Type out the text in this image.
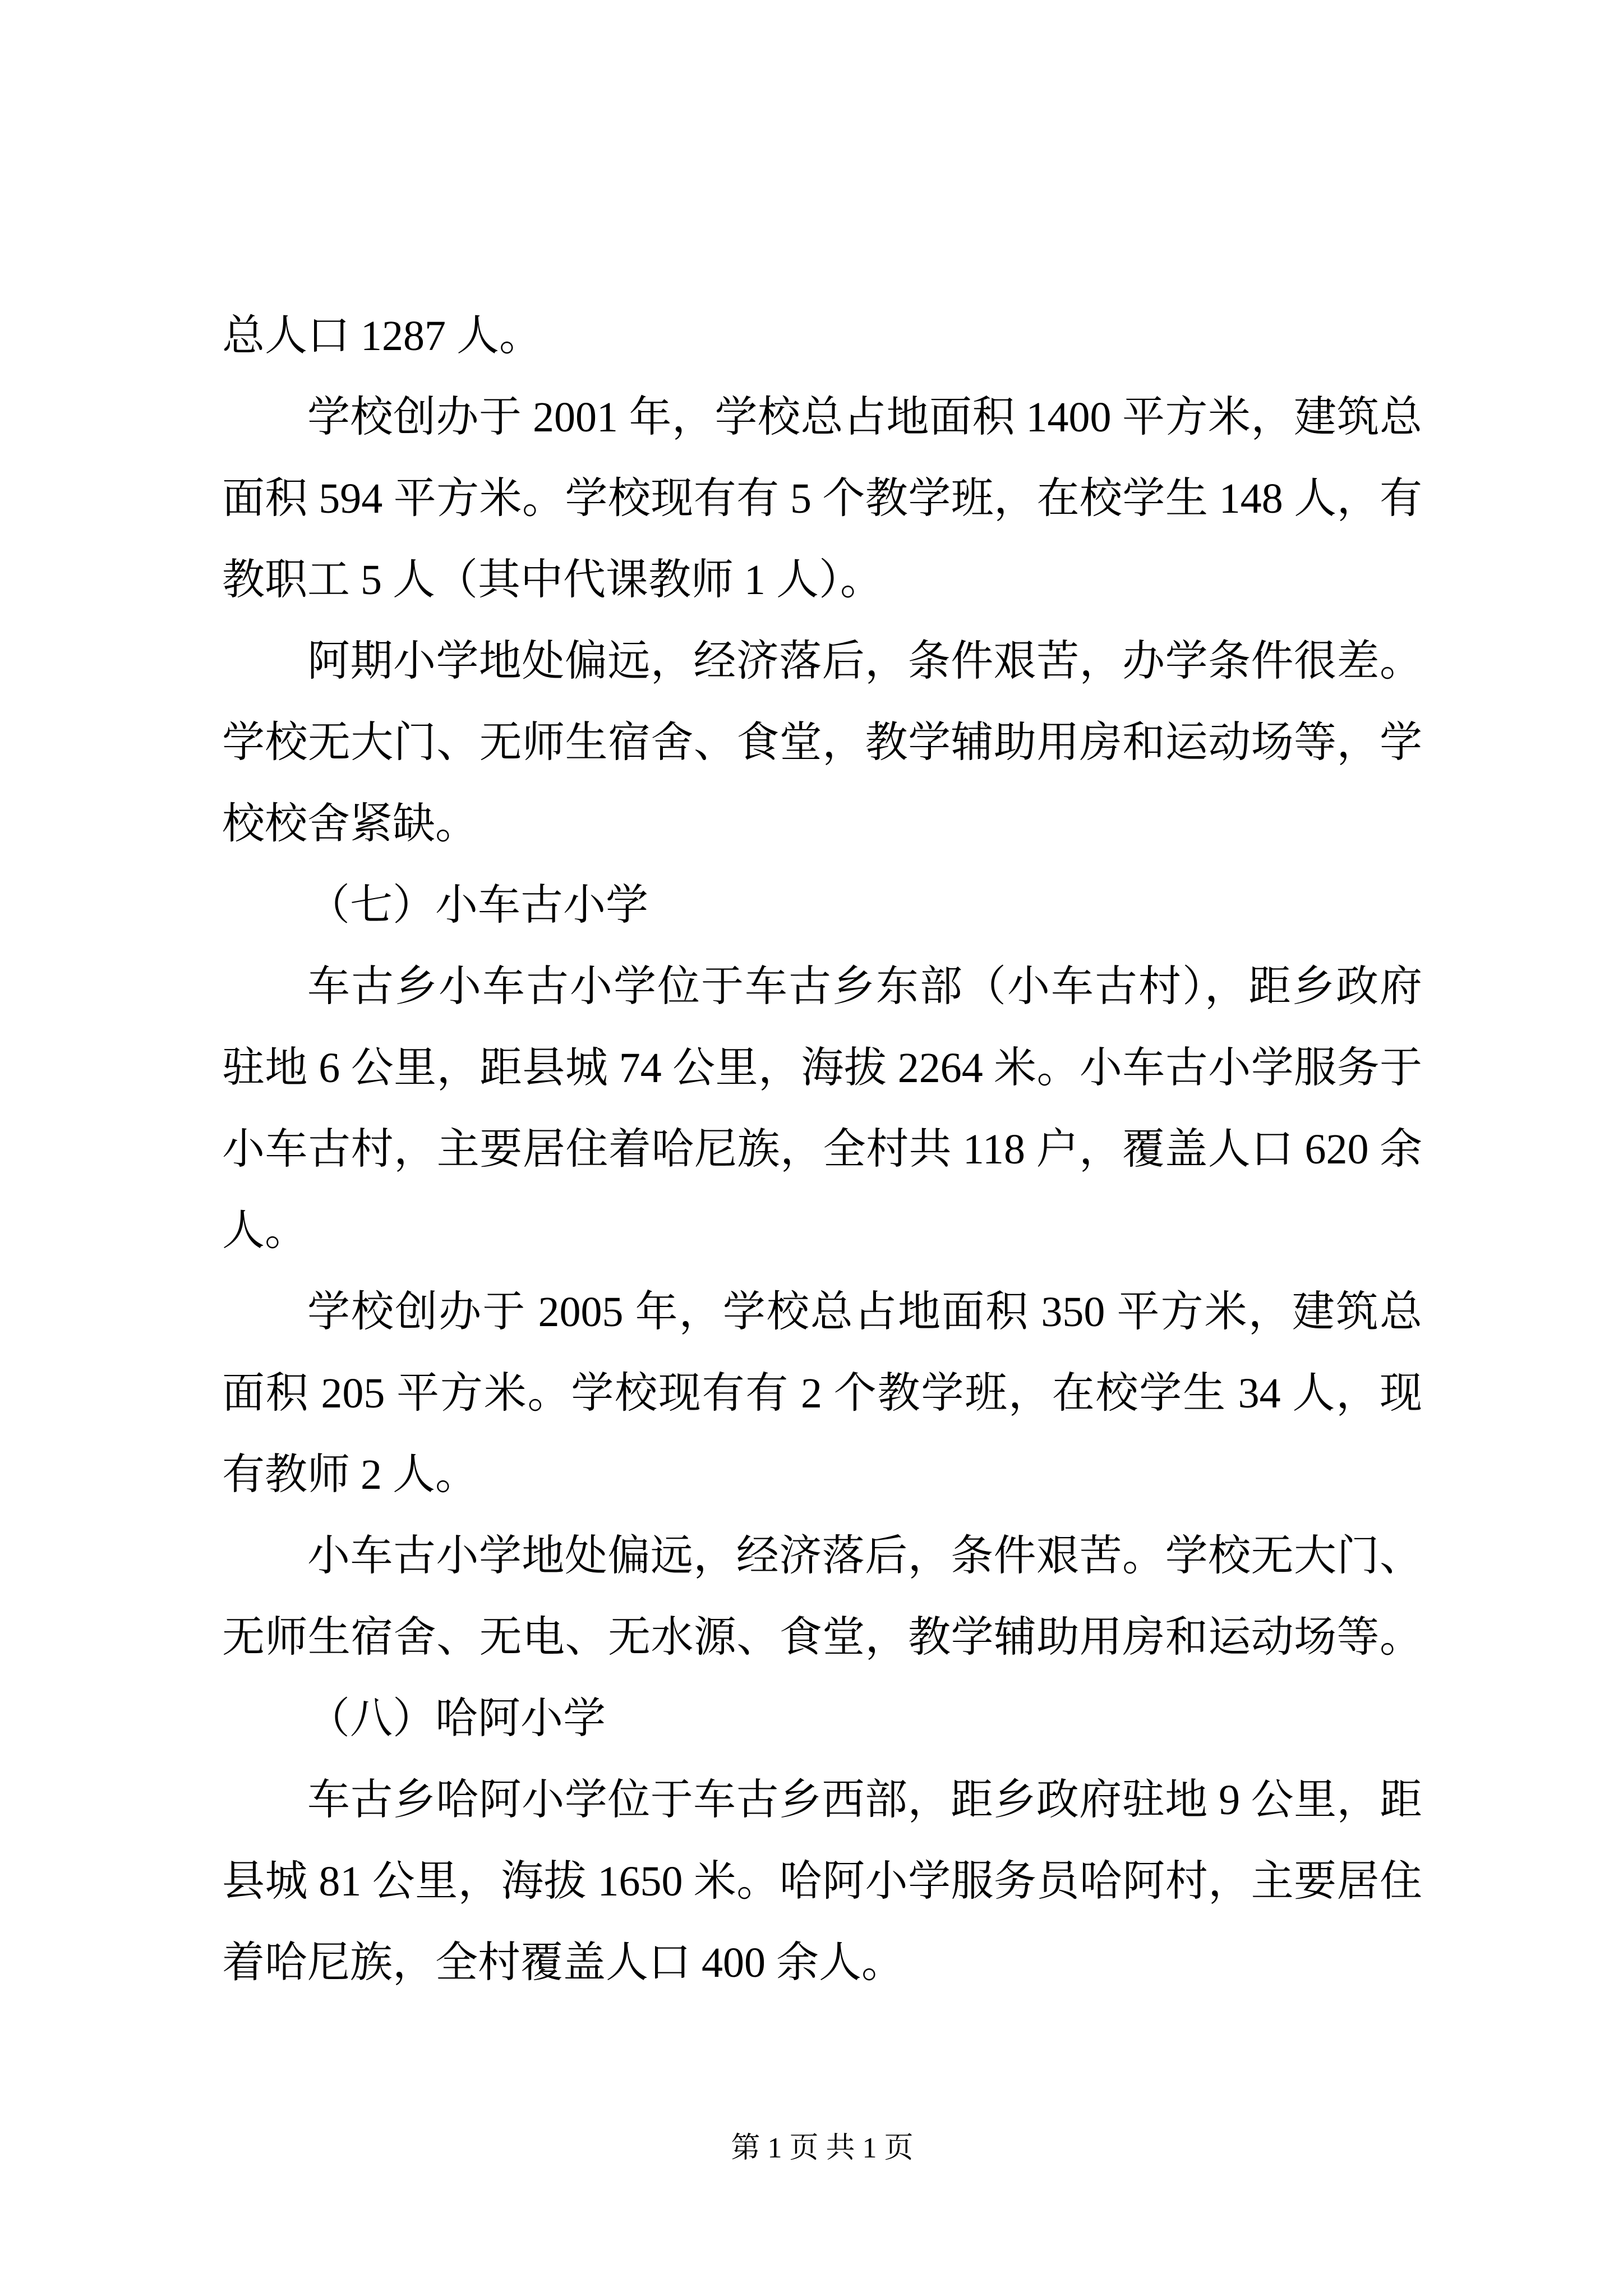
总人口 1287 人。

学校创办于 2001 年，学校总占地面积 1400 平方米，建筑总

面积 594 平方米。学校现有有 5 个教学班，在校学生 148 人，有

教职工 5 人（其中代课教师 1 人）。

阿期小学地处偏远，经济落后，条件艰苦，办学条件很差。

学校无大门、无师生宿舍、食堂，教学辅助用房和运动场等，学

校校舍紧缺。

（七）小车古小学

车古乡小车古小学位于车古乡东部（小车古村），距乡政府

驻地 6 公里，距县城 74 公里，海拔 2264 米。小车古小学服务于

小车古村，主要居住着哈尼族，全村共 118 户，覆盖人口 620 余

人。

学校创办于 2005 年，学校总占地面积 350 平方米，建筑总

面积 205 平方米。学校现有有 2 个教学班，在校学生 34 人，现

有教师 2 人。

小车古小学地处偏远，经济落后，条件艰苦。学校无大门、

无师生宿舍、无电、无水源、食堂，教学辅助用房和运动场等。

（八）哈阿小学

车古乡哈阿小学位于车古乡西部，距乡政府驻地 9 公里，距

县城 81 公里，海拔 1650 米。哈阿小学服务员哈阿村，主要居住

着哈尼族，全村覆盖人口 400 余人。

第 1 页 共 1 页
